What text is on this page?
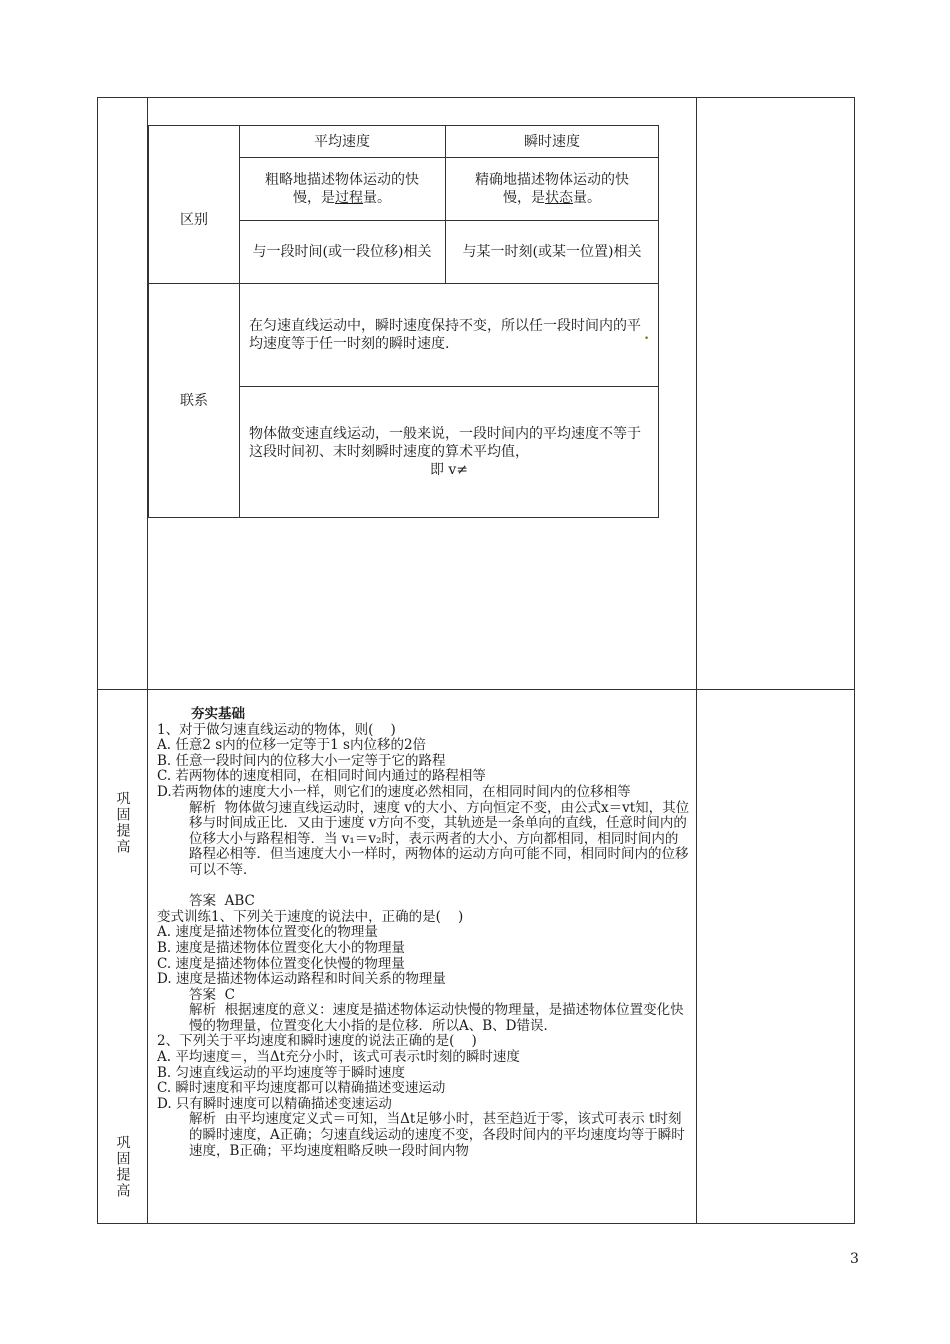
平均速度	瞬时速度
区别
粗略地描述物体运动的快
慢，是过程量。
精确地描述物体运动的快
慢，是状态量。
与一段时间(或一段位移)相关	与某一时刻(或某一位置)相关
联系
在匀速直线运动中，瞬时速度保持不变，所以任一段时间内的平均速度等于任一时刻的瞬时速度.
.
物体做变速直线运动，一般来说，一段时间内的平均速度不等于这段时间初、末时刻瞬时速度的算术平均值，
即 v≠
巩固提高
巩固提高

夯实基础

1、对于做匀速直线运动的物体，则(    )

A. 任意2 s内的位移一定等于1 s内位移的2倍

B. 任意一段时间内的位移大小一定等于它的路程

C. 若两物体的速度相同，在相同时间内通过的路程相等

D.若两物体的速度大小一样，则它们的速度必然相同，在相同时间内的位移相等

解析  物体做匀速直线运动时，速度 v的大小、方向恒定不变，由公式x＝vt知，其位移与时间成正比．又由于速度 v方向不变，其轨迹是一条单向的直线，任意时间内的位移大小与路程相等．当 v₁＝v₂时，表示两者的大小、方向都相同，相同时间内的路程必相等．但当速度大小一样时，两物体的运动方向可能不同，相同时间内的位移可以不等．

答案  ABC

变式训练1、下列关于速度的说法中，正确的是(    )

A. 速度是描述物体位置变化的物理量

B. 速度是描述物体位置变化大小的物理量

C. 速度是描述物体位置变化快慢的物理量

D. 速度是描述物体运动路程和时间关系的物理量

答案  C

解析  根据速度的意义：速度是描述物体运动快慢的物理量，是描述物体位置变化快慢的物理量，位置变化大小指的是位移．所以A、B、D错误．

2、下列关于平均速度和瞬时速度的说法正确的是(    )

A. 平均速度＝，当Δt充分小时，该式可表示t时刻的瞬时速度

B. 匀速直线运动的平均速度等于瞬时速度

C. 瞬时速度和平均速度都可以精确描述变速运动

D. 只有瞬时速度可以精确描述变速运动

解析  由平均速度定义式＝可知，当Δt足够小时，甚至趋近于零，该式可表示 t时刻的瞬时速度，A正确；匀速直线运动的速度不变，各段时间内的平均速度均等于瞬时速度，B正确；平均速度粗略反映一段时间内物

3
